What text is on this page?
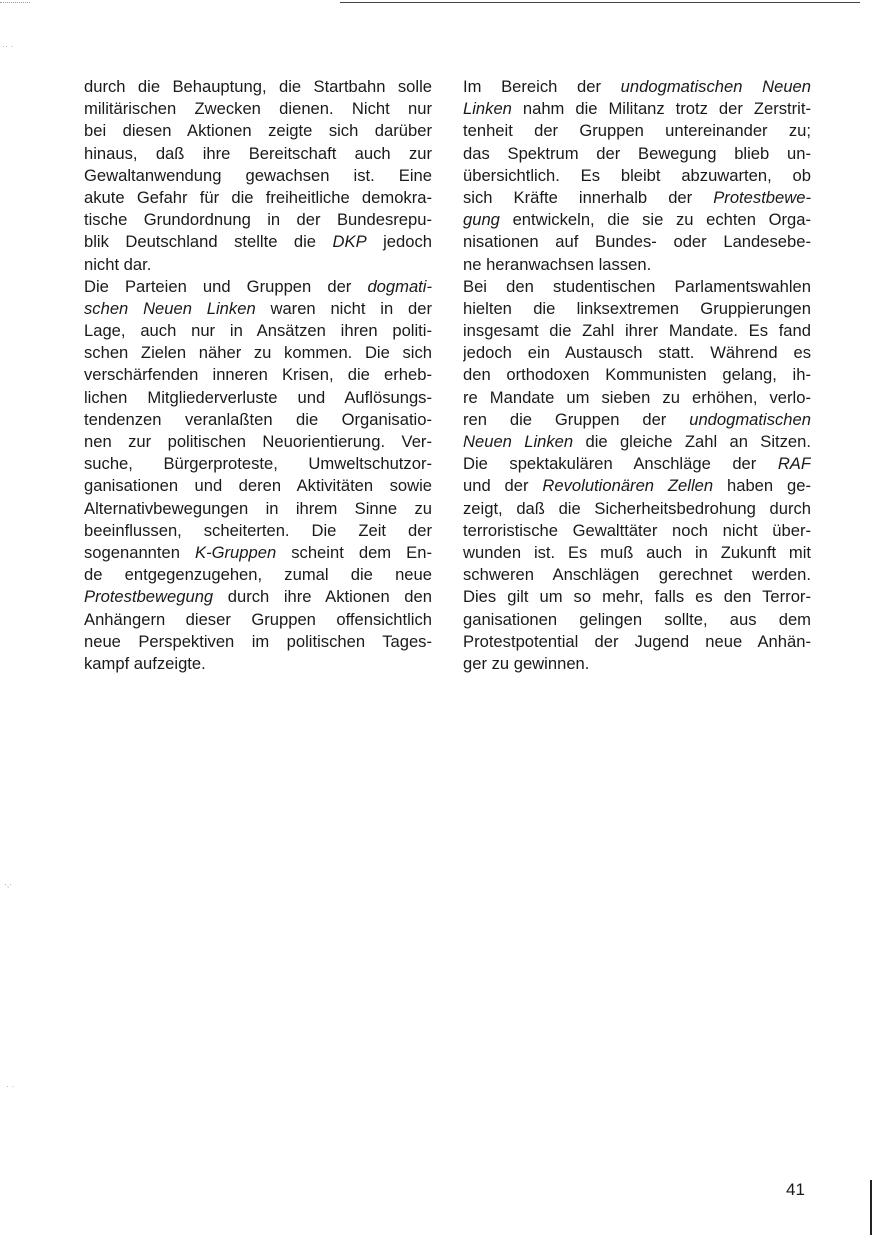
·· ·
·‚·
· ·
durch die Behauptung, die Startbahn solle
militärischen Zwecken dienen. Nicht nur
bei diesen Aktionen zeigte sich darüber
hinaus, daß ihre Bereitschaft auch zur
Gewaltanwendung gewachsen ist. Eine
akute Gefahr für die freiheitliche demokra-
tische Grundordnung in der Bundesrepu-
blik Deutschland stellte die DKP jedoch
nicht dar.
Die Parteien und Gruppen der dogmati-
schen Neuen Linken waren nicht in der
Lage, auch nur in Ansätzen ihren politi-
schen Zielen näher zu kommen. Die sich
verschärfenden inneren Krisen, die erheb-
lichen Mitgliederverluste und Auflösungs-
tendenzen veranlaßten die Organisatio-
nen zur politischen Neuorientierung. Ver-
suche, Bürgerproteste, Umweltschutzor-
ganisationen und deren Aktivitäten sowie
Alternativbewegungen in ihrem Sinne zu
beeinflussen, scheiterten. Die Zeit der
sogenannten K-Gruppen scheint dem En-
de entgegenzugehen, zumal die neue
Protestbewegung durch ihre Aktionen den
Anhängern dieser Gruppen offensichtlich
neue Perspektiven im politischen Tages-
kampf aufzeigte.
Im Bereich der undogmatischen Neuen
Linken nahm die Militanz trotz der Zerstrit-
tenheit der Gruppen untereinander zu;
das Spektrum der Bewegung blieb un-
übersichtlich. Es bleibt abzuwarten, ob
sich Kräfte innerhalb der Protestbewe-
gung entwickeln, die sie zu echten Orga-
nisationen auf Bundes- oder Landesebe-
ne heranwachsen lassen.
Bei den studentischen Parlamentswahlen
hielten die linksextremen Gruppierungen
insgesamt die Zahl ihrer Mandate. Es fand
jedoch ein Austausch statt. Während es
den orthodoxen Kommunisten gelang, ih-
re Mandate um sieben zu erhöhen, verlo-
ren die Gruppen der undogmatischen
Neuen Linken die gleiche Zahl an Sitzen.
Die spektakulären Anschläge der RAF
und der Revolutionären Zellen haben ge-
zeigt, daß die Sicherheitsbedrohung durch
terroristische Gewalttäter noch nicht über-
wunden ist. Es muß auch in Zukunft mit
schweren Anschlägen gerechnet werden.
Dies gilt um so mehr, falls es den Terror-
ganisationen gelingen sollte, aus dem
Protestpotential der Jugend neue Anhän-
ger zu gewinnen.
41
